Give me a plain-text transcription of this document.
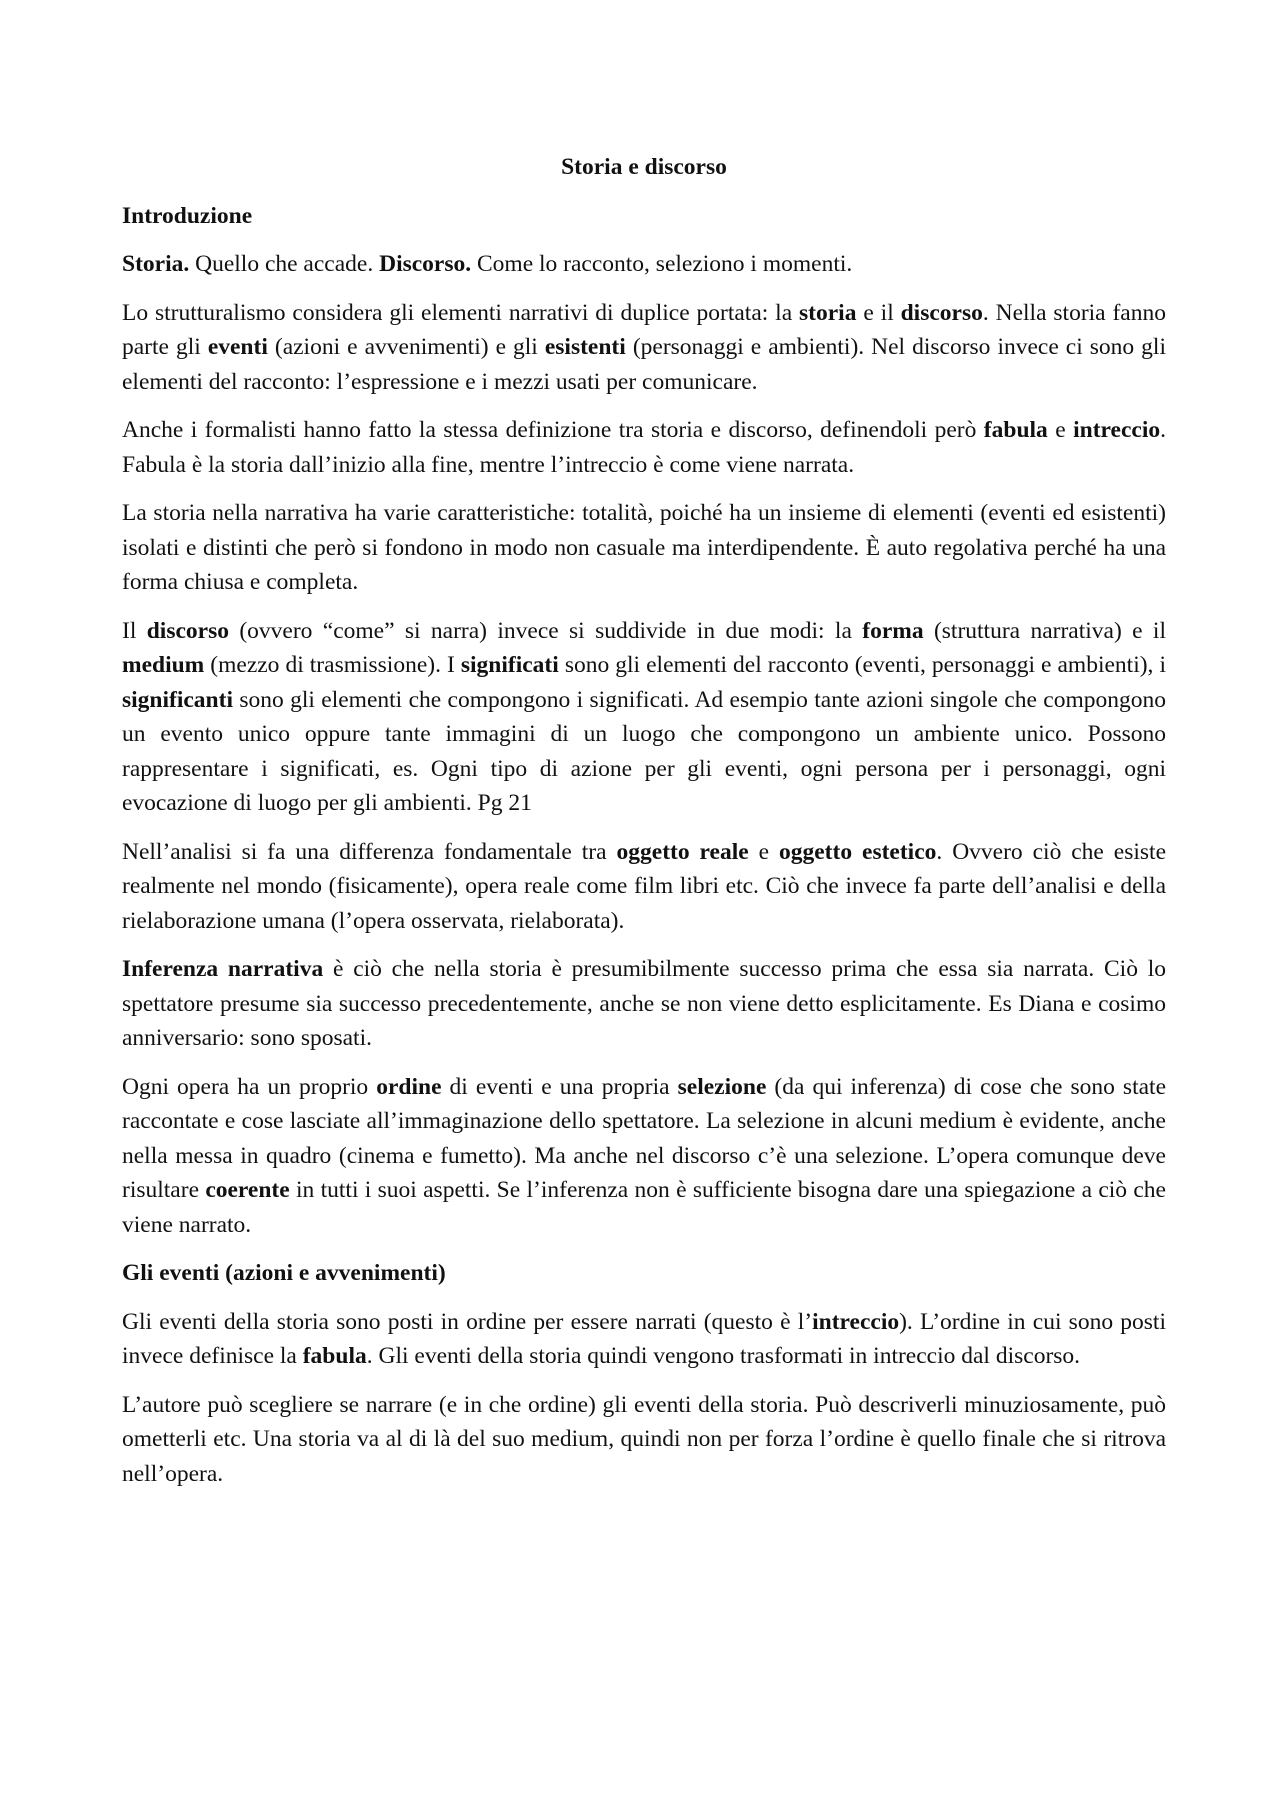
Storia e discorso
Introduzione
Storia. Quello che accade. Discorso. Come lo racconto, seleziono i momenti.
Lo strutturalismo considera gli elementi narrativi di duplice portata: la storia e il discorso. Nella storia fanno parte gli eventi (azioni e avvenimenti) e gli esistenti (personaggi e ambienti). Nel discorso invece ci sono gli elementi del racconto: l’espressione e i mezzi usati per comunicare.
Anche i formalisti hanno fatto la stessa definizione tra storia e discorso, definendoli però fabula e intreccio. Fabula è la storia dall’inizio alla fine, mentre l’intreccio è come viene narrata.
La storia nella narrativa ha varie caratteristiche: totalità, poiché ha un insieme di elementi (eventi ed esistenti) isolati e distinti che però si fondono in modo non casuale ma interdipendente. È auto regolativa perché ha una forma chiusa e completa.
Il discorso (ovvero “come” si narra) invece si suddivide in due modi: la forma (struttura narrativa) e il medium (mezzo di trasmissione). I significati sono gli elementi del racconto (eventi, personaggi e ambienti), i significanti sono gli elementi che compongono i significati. Ad esempio tante azioni singole che compongono un evento unico oppure tante immagini di un luogo che compongono un ambiente unico. Possono rappresentare i significati, es. Ogni tipo di azione per gli eventi, ogni persona per i personaggi, ogni evocazione di luogo per gli ambienti. Pg 21
Nell’analisi si fa una differenza fondamentale tra oggetto reale e oggetto estetico. Ovvero ciò che esiste realmente nel mondo (fisicamente), opera reale come film libri etc. Ciò che invece fa parte dell’analisi e della rielaborazione umana (l’opera osservata, rielaborata).
Inferenza narrativa è ciò che nella storia è presumibilmente successo prima che essa sia narrata. Ciò lo spettatore presume sia successo precedentemente, anche se non viene detto esplicitamente. Es Diana e cosimo anniversario: sono sposati.
Ogni opera ha un proprio ordine di eventi e una propria selezione (da qui inferenza) di cose che sono state raccontate e cose lasciate all’immaginazione dello spettatore. La selezione in alcuni medium è evidente, anche nella messa in quadro (cinema e fumetto). Ma anche nel discorso c’è una selezione. L’opera comunque deve risultare coerente in tutti i suoi aspetti. Se l’inferenza non è sufficiente bisogna dare una spiegazione a ciò che viene narrato.
Gli eventi (azioni e avvenimenti)
Gli eventi della storia sono posti in ordine per essere narrati (questo è l’intreccio). L’ordine in cui sono posti invece definisce la fabula. Gli eventi della storia quindi vengono trasformati in intreccio dal discorso.
L’autore può scegliere se narrare (e in che ordine) gli eventi della storia. Può descriverli minuziosamente, può ometterli etc. Una storia va al di là del suo medium, quindi non per forza l’ordine è quello finale che si ritrova nell’opera.
